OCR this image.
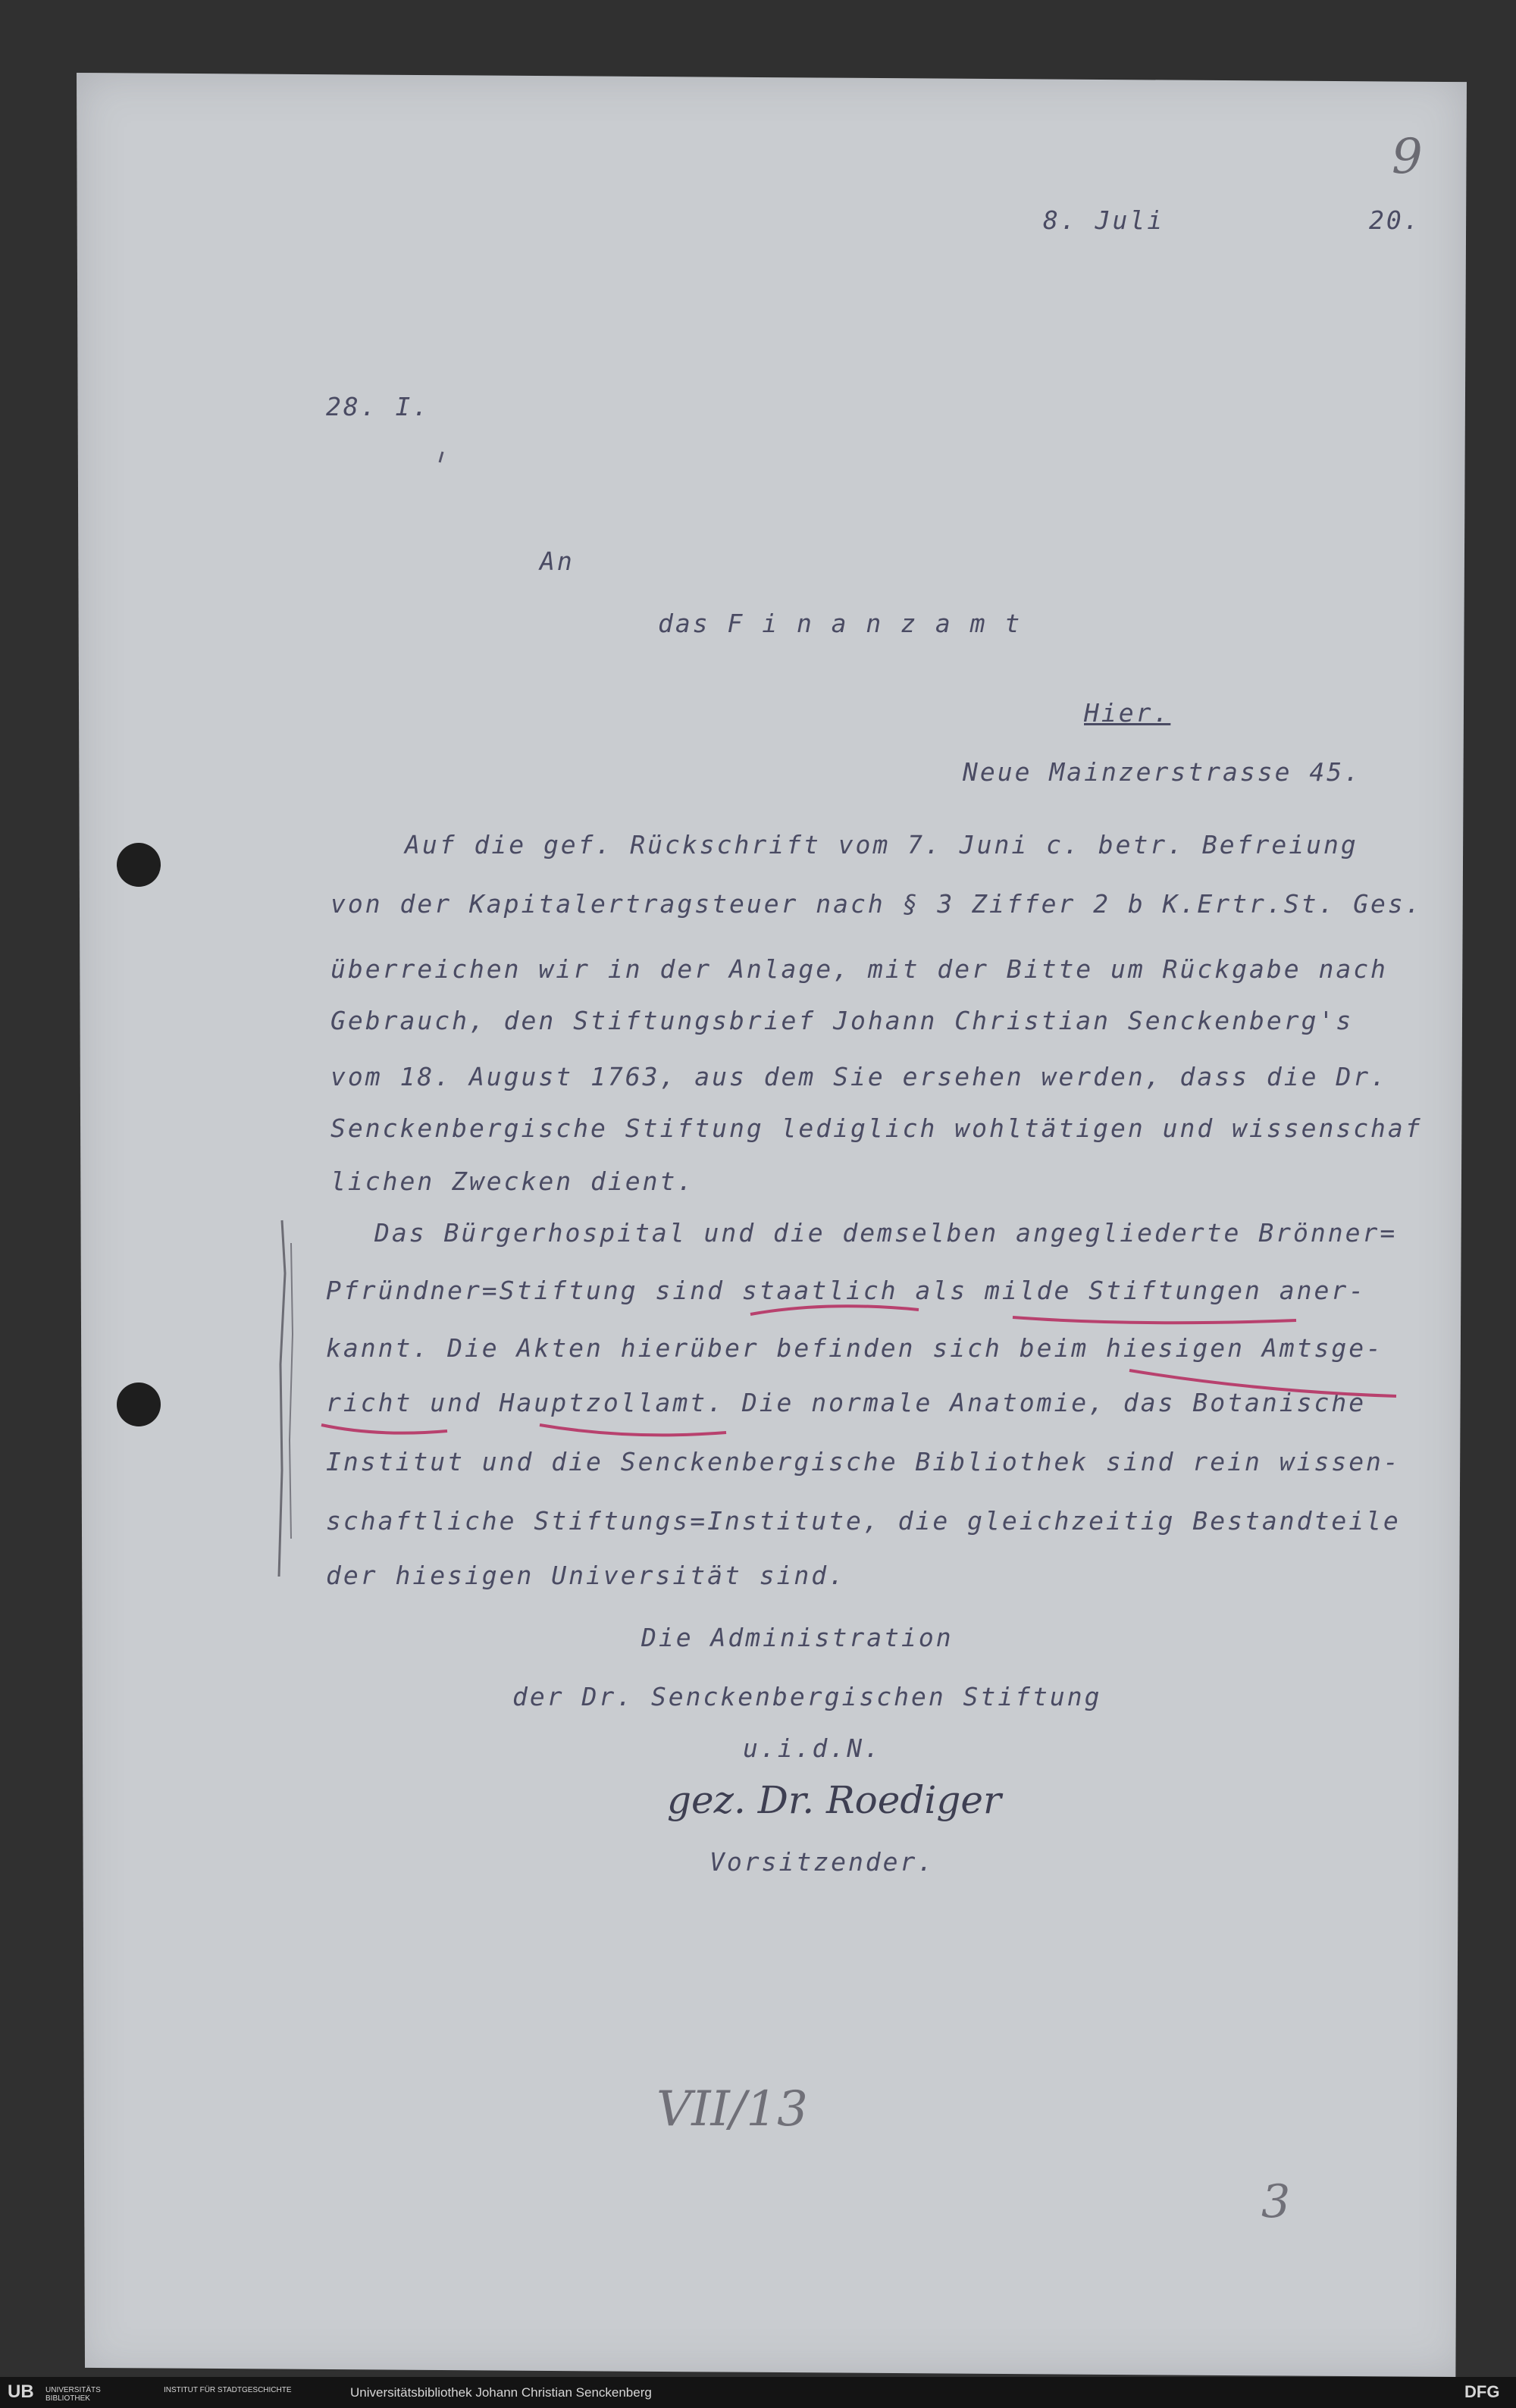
9
8. Juli	20.
28. I.
An
das F i n a n z a m t
Hier.
Neue Mainzerstrasse 45.
Auf die gef. Rückschrift vom 7. Juni c. betr. Befreiung
von der Kapitalertragsteuer nach § 3 Ziffer 2 b K.Ertr.St. Ges.
überreichen wir in der Anlage, mit der Bitte um Rückgabe nach
Gebrauch, den Stiftungsbrief Johann Christian Senckenberg's
vom 18. August 1763, aus dem Sie ersehen werden, dass die Dr.
Senckenbergische Stiftung lediglich wohltätigen und wissenschaf
lichen Zwecken dient.
Das Bürgerhospital und die demselben angegliederte Brönner=
Pfründner=Stiftung sind staatlich als milde Stiftungen aner-
kannt. Die Akten hierüber befinden sich beim hiesigen Amtsge-
richt und Hauptzollamt. Die normale Anatomie, das Botanische
Institut und die Senckenbergische Bibliothek sind rein wissen-
schaftliche Stiftungs=Institute, die gleichzeitig Bestandteile
der hiesigen Universität sind.
Die Administration
der Dr. Senckenbergischen Stiftung
u.i.d.N.
gez. Dr. Roediger
Vorsitzender.
VII/13
3
UB UNIVERSITÄTS BIBLIOTHEK
INSTITUT FÜR STADTGESCHICHTE	Universitätsbibliothek Johann Christian Senckenberg	DFG
